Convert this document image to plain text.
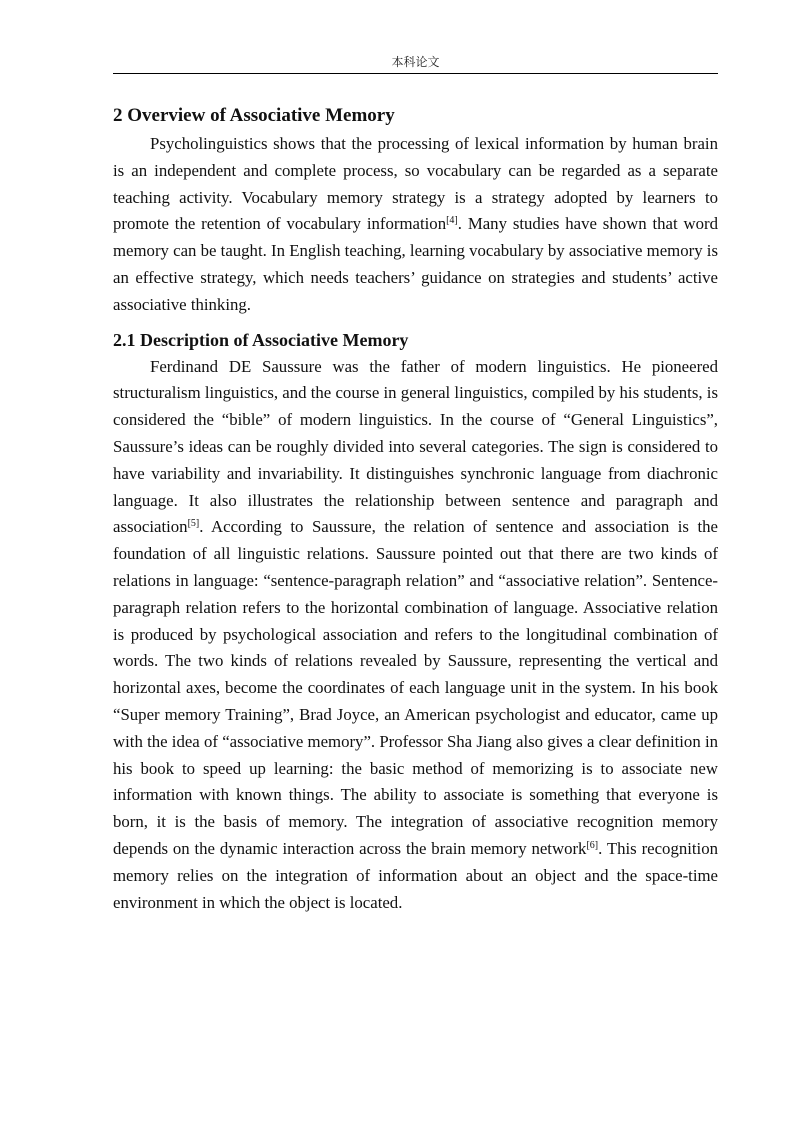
本科论文
2 Overview of Associative Memory

Psycholinguistics shows that the processing of lexical information by human brain is an independent and complete process, so vocabulary can be regarded as a separate teaching activity. Vocabulary memory strategy is a strategy adopted by learners to promote the retention of vocabulary information[4]. Many studies have shown that word memory can be taught. In English teaching, learning vocabulary by associative memory is an effective strategy, which needs teachers’ guidance on strategies and students’ active associative thinking.

2.1 Description of Associative Memory

Ferdinand DE Saussure was the father of modern linguistics. He pioneered structuralism linguistics, and the course in general linguistics, compiled by his students, is considered the “bible” of modern linguistics. In the course of “General Linguistics”, Saussure’s ideas can be roughly divided into several categories. The sign is considered to have variability and invariability. It distinguishes synchronic language from diachronic language. It also illustrates the relationship between sentence and paragraph and association[5]. According to Saussure, the relation of sentence and association is the foundation of all linguistic relations. Saussure pointed out that there are two kinds of relations in language: “sentence-paragraph relation” and “associative relation”. Sentence-paragraph relation refers to the horizontal combination of language. Associative relation is produced by psychological association and refers to the longitudinal combination of words. The two kinds of relations revealed by Saussure, representing the vertical and horizontal axes, become the coordinates of each language unit in the system. In his book “Super memory Training”, Brad Joyce, an American psychologist and educator, came up with the idea of “associative memory”. Professor Sha Jiang also gives a clear definition in his book to speed up learning: the basic method of memorizing is to associate new information with known things. The ability to associate is something that everyone is born, it is the basis of memory. The integration of associative recognition memory depends on the dynamic interaction across the brain memory network[6]. This recognition memory relies on the integration of information about an object and the space-time environment in which the object is located.
